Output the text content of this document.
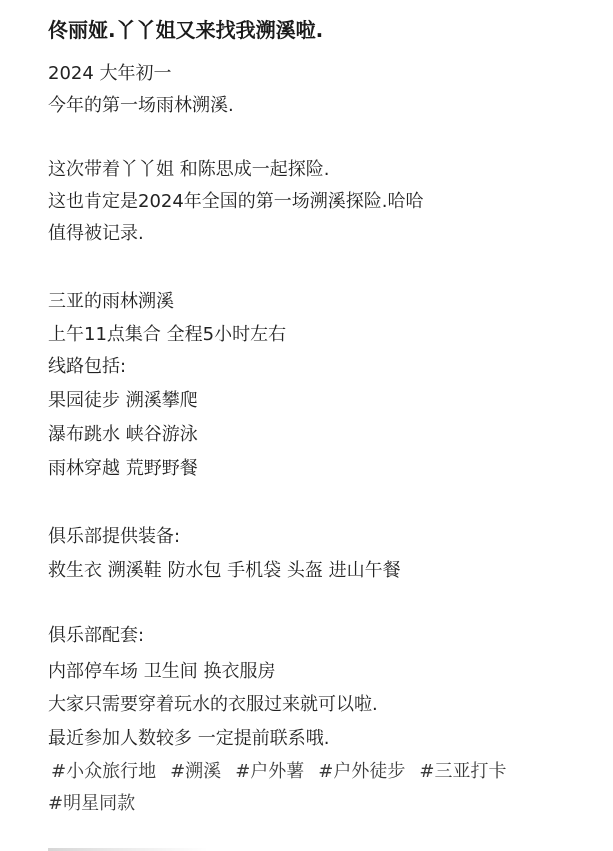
佟丽娅.丫丫姐又来找我溯溪啦.
2024 大年初一
今年的第一场雨林溯溪.
这次带着丫丫姐 和陈思成一起探险.
这也肯定是2024年全国的第一场溯溪探险.哈哈
值得被记录.
三亚的雨林溯溪
上午11点集合 全程5小时左右
线路包括:
果园徒步 溯溪攀爬
瀑布跳水 峡谷游泳
雨林穿越 荒野野餐
俱乐部提供装备:
救生衣 溯溪鞋 防水包 手机袋 头盔 进山午餐
俱乐部配套:
内部停车场 卫生间 换衣服房
大家只需要穿着玩水的衣服过来就可以啦.
最近参加人数较多 一定提前联系哦.
#小众旅行地 #溯溪 #户外薯 #户外徒步 #三亚打卡#明星同款
